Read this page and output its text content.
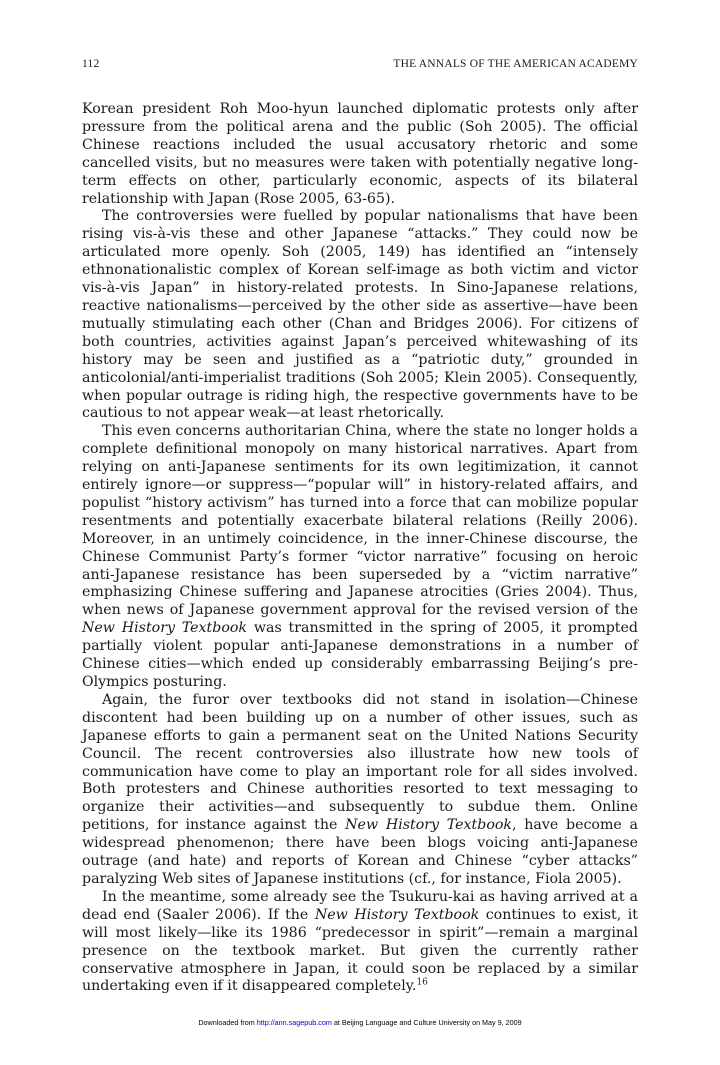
112	THE ANNALS OF THE AMERICAN ACADEMY

Korean president Roh Moo-hyun launched diplomatic protests only after pressure from the political arena and the public (Soh 2005). The official Chinese reactions included the usual accusatory rhetoric and some cancelled visits, but no measures were taken with potentially negative long-term effects on other, particularly economic, aspects of its bilateral relationship with Japan (Rose 2005, 63-65).

The controversies were fuelled by popular nationalisms that have been rising vis-à-vis these and other Japanese “attacks.” They could now be articulated more openly. Soh (2005, 149) has identified an “intensely ethnonationalistic complex of Korean self-image as both victim and victor vis-à-vis Japan” in history-related protests. In Sino-Japanese relations, reactive nationalisms—perceived by the other side as assertive—have been mutually stimulating each other (Chan and Bridges 2006). For citizens of both countries, activities against Japan’s perceived whitewashing of its history may be seen and justified as a “patriotic duty,” grounded in anticolonial/anti-imperialist traditions (Soh 2005; Klein 2005). Consequently, when popular outrage is riding high, the respective governments have to be cautious to not appear weak—at least rhetorically.

This even concerns authoritarian China, where the state no longer holds a complete definitional monopoly on many historical narratives. Apart from relying on anti-Japanese sentiments for its own legitimization, it cannot entirely ignore—or suppress—“popular will” in history-related affairs, and populist “history activism” has turned into a force that can mobilize popular resentments and potentially exacerbate bilateral relations (Reilly 2006). Moreover, in an untimely coincidence, in the inner-Chinese discourse, the Chinese Communist Party’s former “victor narrative” focusing on heroic anti-Japanese resistance has been superseded by a “victim narrative” emphasizing Chinese suffering and Japanese atrocities (Gries 2004). Thus, when news of Japanese government approval for the revised version of the New History Textbook was transmitted in the spring of 2005, it prompted partially violent popular anti-Japanese demonstrations in a number of Chinese cities—which ended up considerably embarrassing Beijing’s pre-Olympics posturing.

Again, the furor over textbooks did not stand in isolation—Chinese discontent had been building up on a number of other issues, such as Japanese efforts to gain a permanent seat on the United Nations Security Council. The recent controversies also illustrate how new tools of communication have come to play an important role for all sides involved. Both protesters and Chinese authorities resorted to text messaging to organize their activities—and subsequently to subdue them. Online petitions, for instance against the New History Textbook, have become a widespread phenomenon; there have been blogs voicing anti-Japanese outrage (and hate) and reports of Korean and Chinese “cyber attacks” paralyzing Web sites of Japanese institutions (cf., for instance, Fiola 2005).

In the meantime, some already see the Tsukuru-kai as having arrived at a dead end (Saaler 2006). If the New History Textbook continues to exist, it will most likely—like its 1986 “predecessor in spirit”—remain a marginal presence on the textbook market. But given the currently rather conservative atmosphere in Japan, it could soon be replaced by a similar undertaking even if it disappeared completely.$^{16}$

Downloaded from http://ann.sagepub.com at Beijing Language and Culture University on May 9, 2009
